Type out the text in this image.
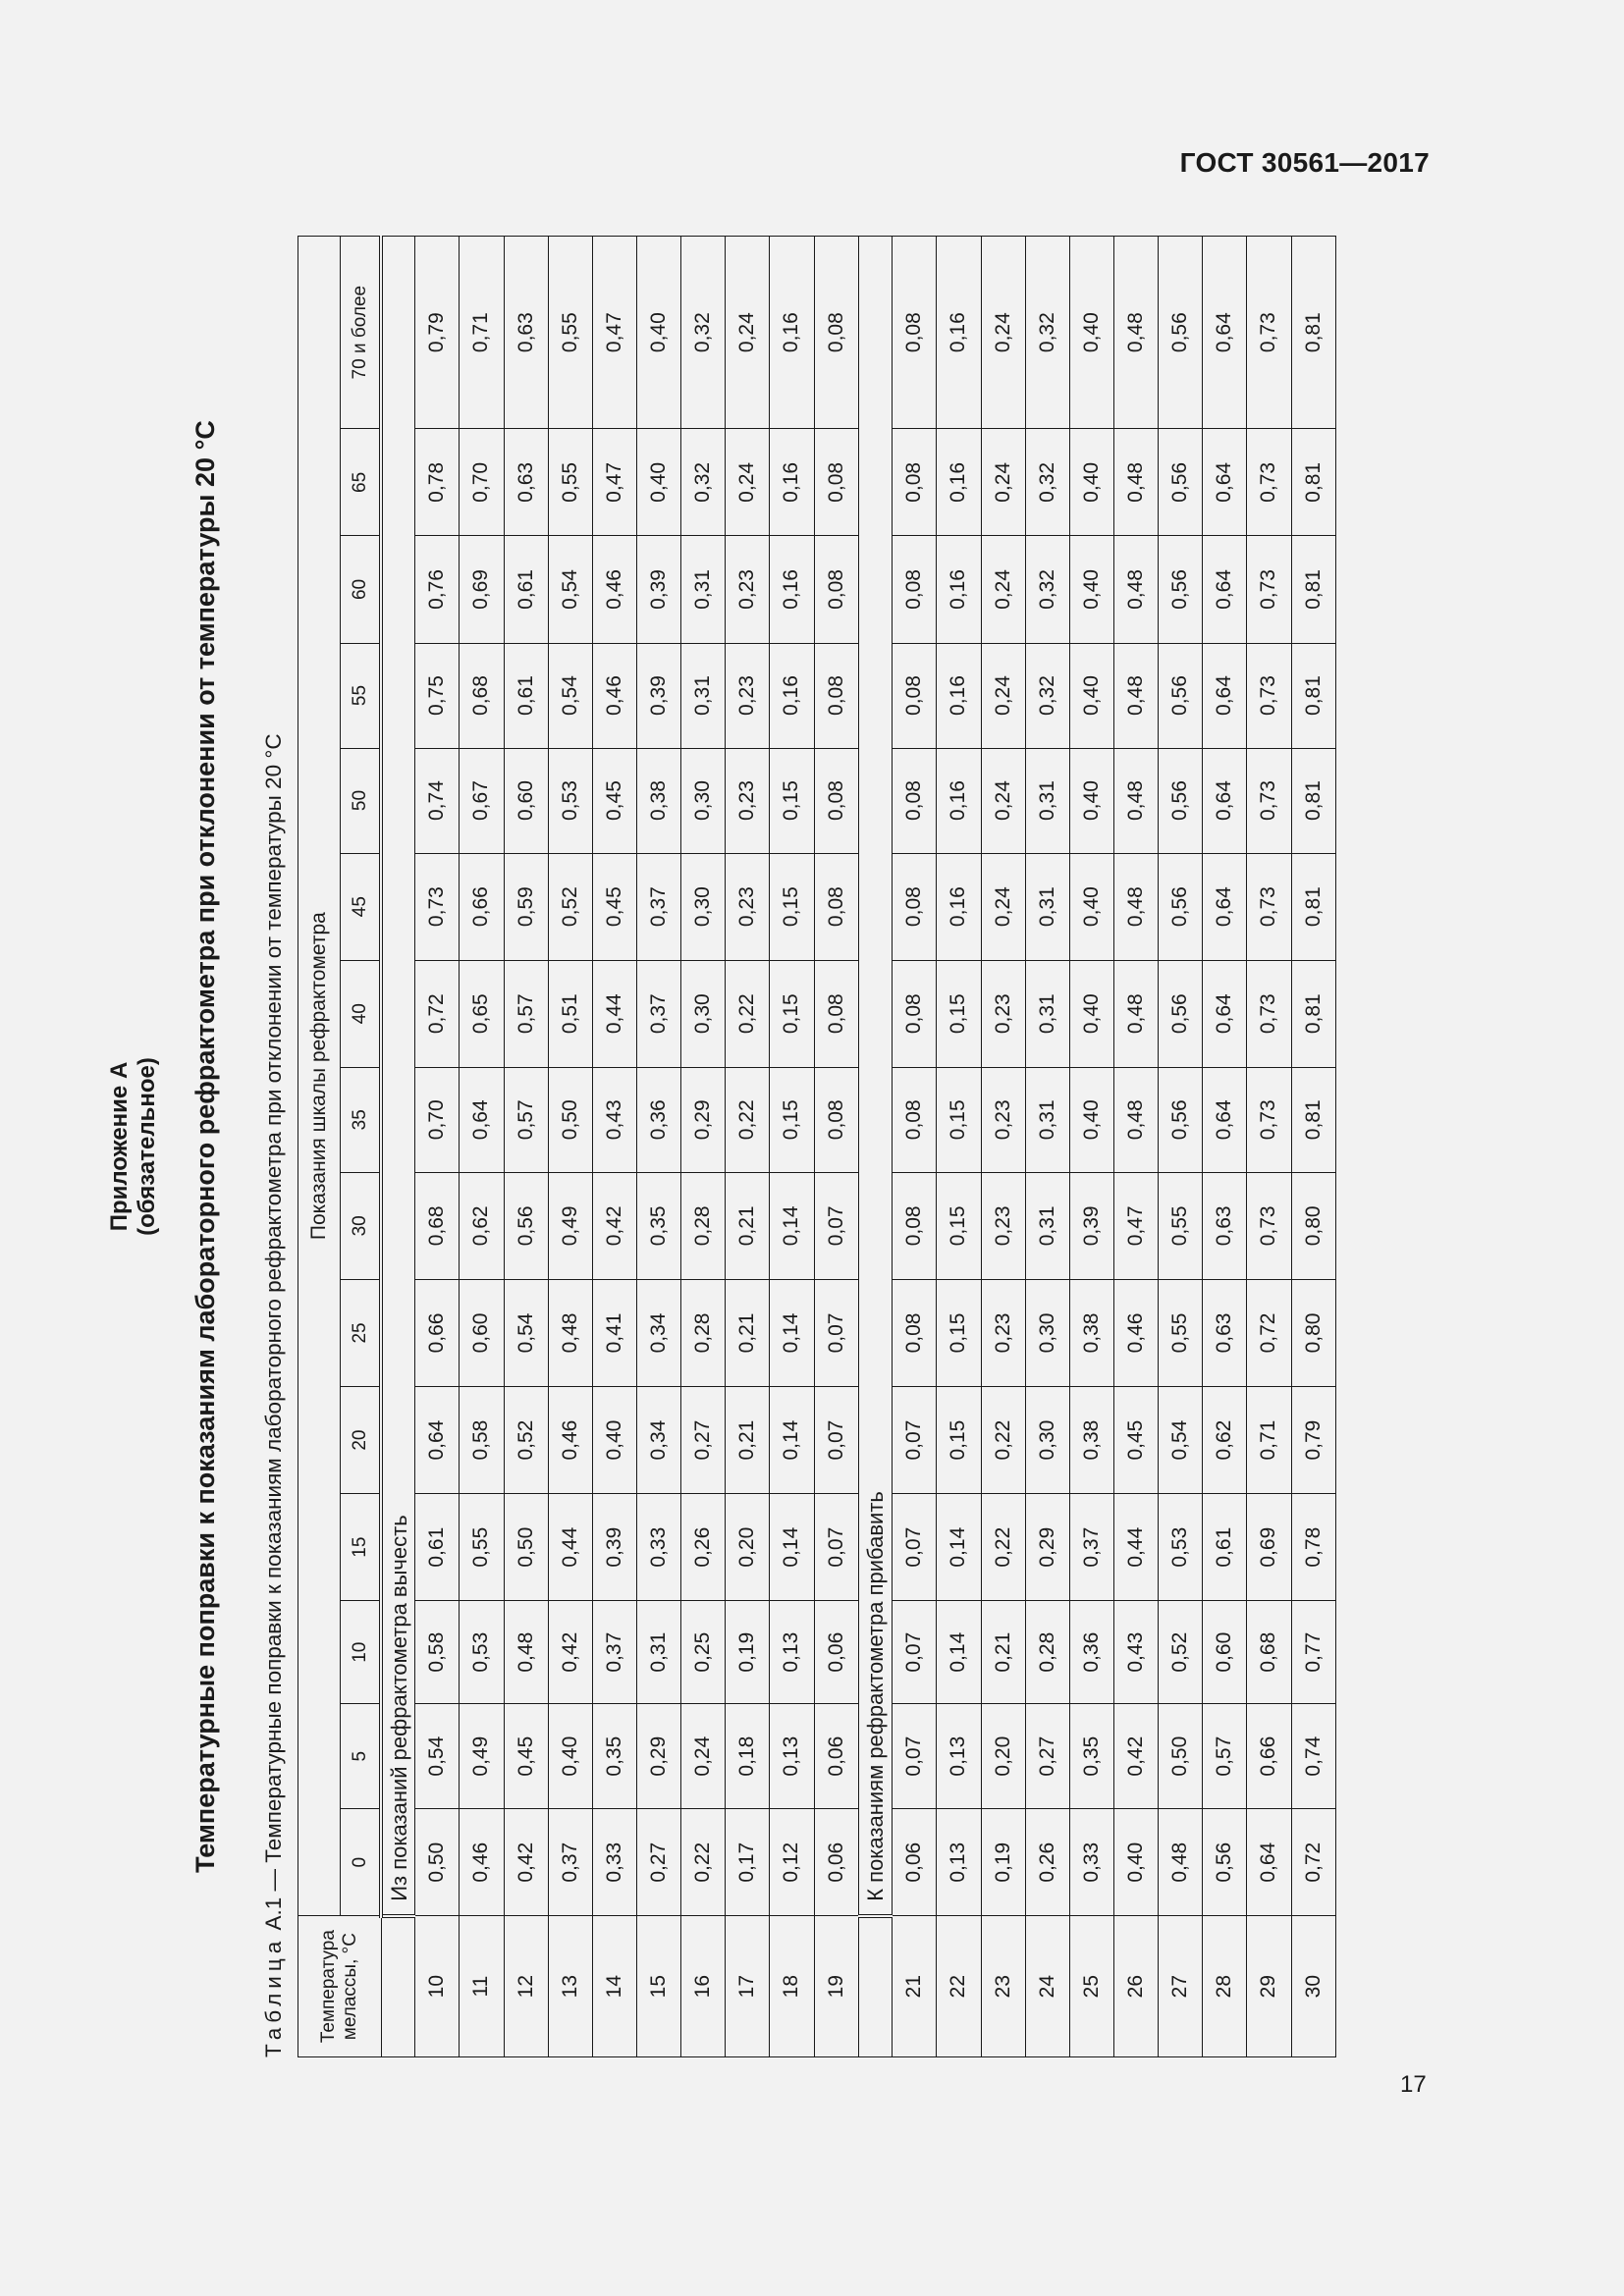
ГОСТ 30561—2017
Приложение А (обязательное) Температурные поправки к показаниям лабораторного рефрактометра при отклонении от температуры 20 °С
Таблица А.1 — Температурные поправки к показаниям лабораторного рефрактометра при отклонении от температуры 20 °С
Температура мелассы, °С	Показания шкалы рефрактометра														
	0	5	10	15	20	25	30	35	40	45	50	55	60	65	70 и более
	Из показаний рефрактометра вычесть														
10	0,50	0,54	0,58	0,61	0,64	0,66	0,68	0,70	0,72	0,73	0,74	0,75	0,76	0,78	0,79
11	0,46	0,49	0,53	0,55	0,58	0,60	0,62	0,64	0,65	0,66	0,67	0,68	0,69	0,70	0,71
12	0,42	0,45	0,48	0,50	0,52	0,54	0,56	0,57	0,57	0,59	0,60	0,61	0,61	0,63	0,63
13	0,37	0,40	0,42	0,44	0,46	0,48	0,49	0,50	0,51	0,52	0,53	0,54	0,54	0,55	0,55
14	0,33	0,35	0,37	0,39	0,40	0,41	0,42	0,43	0,44	0,45	0,45	0,46	0,46	0,47	0,47
15	0,27	0,29	0,31	0,33	0,34	0,34	0,35	0,36	0,37	0,37	0,38	0,39	0,39	0,40	0,40
16	0,22	0,24	0,25	0,26	0,27	0,28	0,28	0,29	0,30	0,30	0,30	0,31	0,31	0,32	0,32
17	0,17	0,18	0,19	0,20	0,21	0,21	0,21	0,22	0,22	0,23	0,23	0,23	0,23	0,24	0,24
18	0,12	0,13	0,13	0,14	0,14	0,14	0,14	0,15	0,15	0,15	0,15	0,16	0,16	0,16	0,16
19	0,06	0,06	0,06	0,07	0,07	0,07	0,07	0,08	0,08	0,08	0,08	0,08	0,08	0,08	0,08
	К показаниям рефрактометра прибавить														
21	0,06	0,07	0,07	0,07	0,07	0,08	0,08	0,08	0,08	0,08	0,08	0,08	0,08	0,08	0,08
22	0,13	0,13	0,14	0,14	0,15	0,15	0,15	0,15	0,15	0,16	0,16	0,16	0,16	0,16	0,16
23	0,19	0,20	0,21	0,22	0,22	0,23	0,23	0,23	0,23	0,24	0,24	0,24	0,24	0,24	0,24
24	0,26	0,27	0,28	0,29	0,30	0,30	0,31	0,31	0,31	0,31	0,31	0,32	0,32	0,32	0,32
25	0,33	0,35	0,36	0,37	0,38	0,38	0,39	0,40	0,40	0,40	0,40	0,40	0,40	0,40	0,40
26	0,40	0,42	0,43	0,44	0,45	0,46	0,47	0,48	0,48	0,48	0,48	0,48	0,48	0,48	0,48
27	0,48	0,50	0,52	0,53	0,54	0,55	0,55	0,56	0,56	0,56	0,56	0,56	0,56	0,56	0,56
28	0,56	0,57	0,60	0,61	0,62	0,63	0,63	0,64	0,64	0,64	0,64	0,64	0,64	0,64	0,64
29	0,64	0,66	0,68	0,69	0,71	0,72	0,73	0,73	0,73	0,73	0,73	0,73	0,73	0,73	0,73
30	0,72	0,74	0,77	0,78	0,79	0,80	0,80	0,81	0,81	0,81	0,81	0,81	0,81	0,81	0,81
17
